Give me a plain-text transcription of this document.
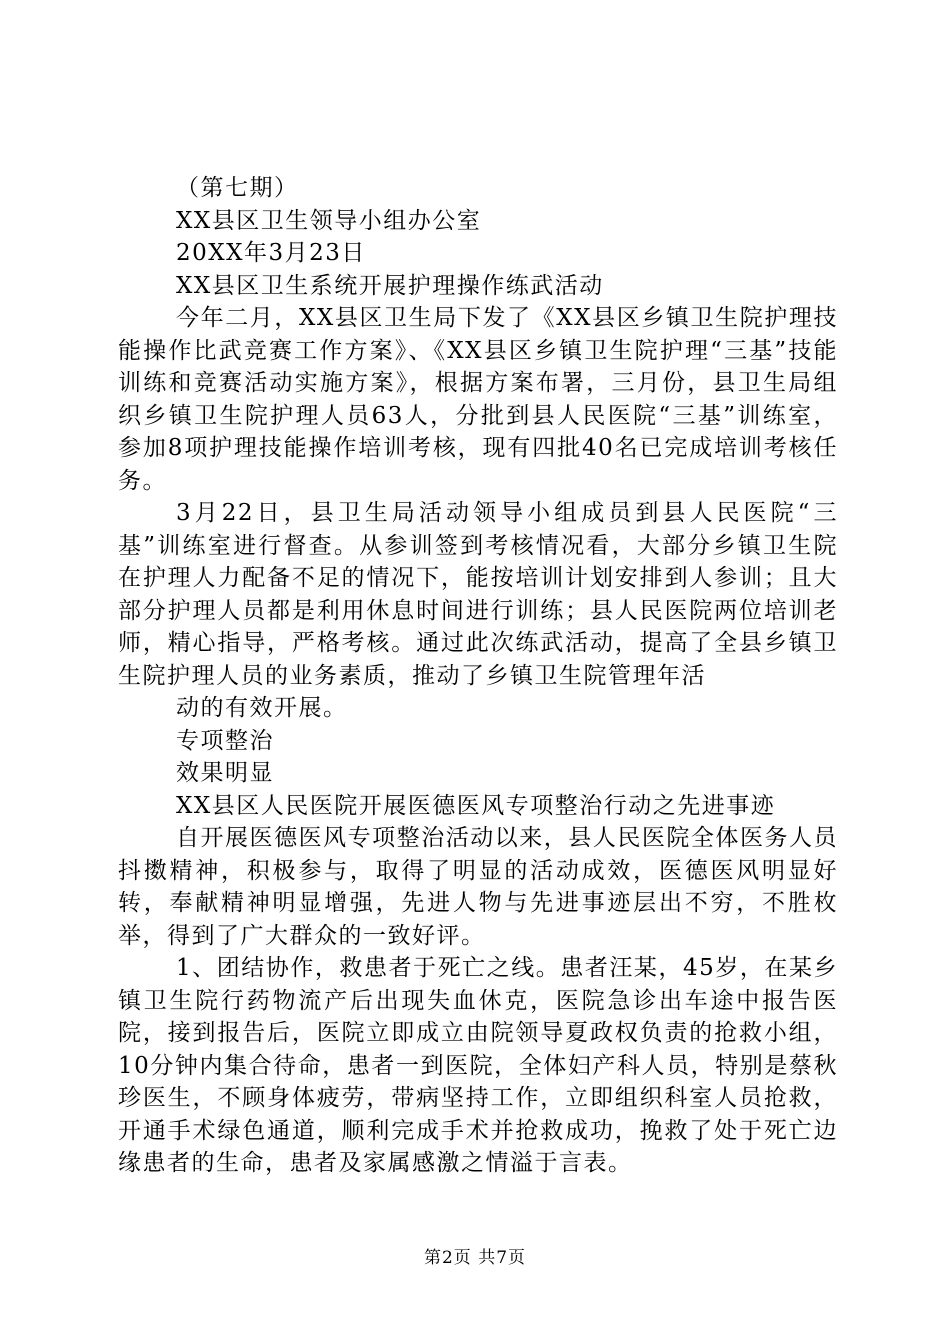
（第七期）

XX县区卫生领导小组办公室

20XX年3月23日

XX县区卫生系统开展护理操作练武活动

今年二月，XX县区卫生局下发了《XX县区乡镇卫生院护理技能操作比武竞赛工作方案》、《XX县区乡镇卫生院护理“三基”技能训练和竞赛活动实施方案》，根据方案布署，三月份，县卫生局组织乡镇卫生院护理人员63人，分批到县人民医院“三基”训练室，参加8项护理技能操作培训考核，现有四批40名已完成培训考核任务。

3月22日，县卫生局活动领导小组成员到县人民医院“三基”训练室进行督查。从参训签到考核情况看，大部分乡镇卫生院在护理人力配备不足的情况下，能按培训计划安排到人参训；且大部分护理人员都是利用休息时间进行训练；县人民医院两位培训老师，精心指导，严格考核。通过此次练武活动，提高了全县乡镇卫生院护理人员的业务素质，推动了乡镇卫生院管理年活

动的有效开展。

专项整治

效果明显

XX县区人民医院开展医德医风专项整治行动之先进事迹

自开展医德医风专项整治活动以来，县人民医院全体医务人员抖擞精神，积极参与，取得了明显的活动成效，医德医风明显好转，奉献精神明显增强，先进人物与先进事迹层出不穷，不胜枚举，得到了广大群众的一致好评。

1、团结协作，救患者于死亡之线。患者汪某，45岁，在某乡镇卫生院行药物流产后出现失血休克，医院急诊出车途中报告医院，接到报告后，医院立即成立由院领导夏政权负责的抢救小组，10分钟内集合待命，患者一到医院，全体妇产科人员，特别是蔡秋珍医生，不顾身体疲劳，带病坚持工作，立即组织科室人员抢救，开通手术绿色通道，顺利完成手术并抢救成功，挽救了处于死亡边缘患者的生命，患者及家属感激之情溢于言表。

第2页 共7页
